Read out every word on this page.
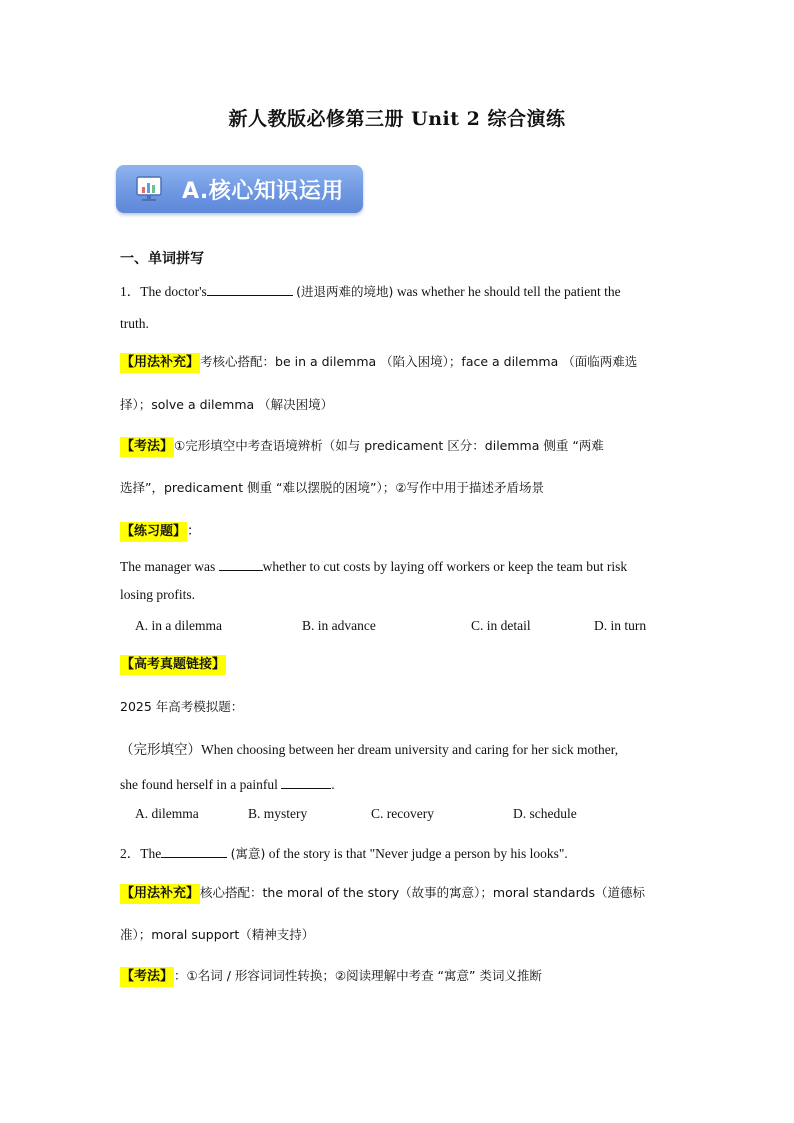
新人教版必修第三册 Unit 2 综合演练
A.核心知识运用
一、单词拼写
1．The doctor's	(进退两难的境地) was whether he should tell the patient the
truth.
【用法补充】考核心搭配：be in a dilemma （陷入困境）；face a dilemma （面临两难选
择）；solve a dilemma （解决困境）
【考法】①完形填空中考查语境辨析（如与 predicament 区分：dilemma 侧重 “两难
选择”，predicament 侧重 “难以摆脱的困境”）；②写作中用于描述矛盾场景
【练习题】：
The manager was	whether to cut costs by laying off workers or keep the team but risk
losing profits.
A. in a dilemma	B. in advance	C. in detail	D. in turn
【高考真题链接】
2025 年高考模拟题：
（完形填空）When choosing between her dream university and caring for her sick mother,
she found herself in a painful	.
A. dilemma	B. mystery	C. recovery	D. schedule
2．The	(寓意) of the story is that "Never judge a person by his looks".
【用法补充】核心搭配：the moral of the story（故事的寓意）；moral standards（道德标
准）；moral support（精神支持）
【考法】：①名词 / 形容词词性转换；②阅读理解中考查 “寓意” 类词义推断
